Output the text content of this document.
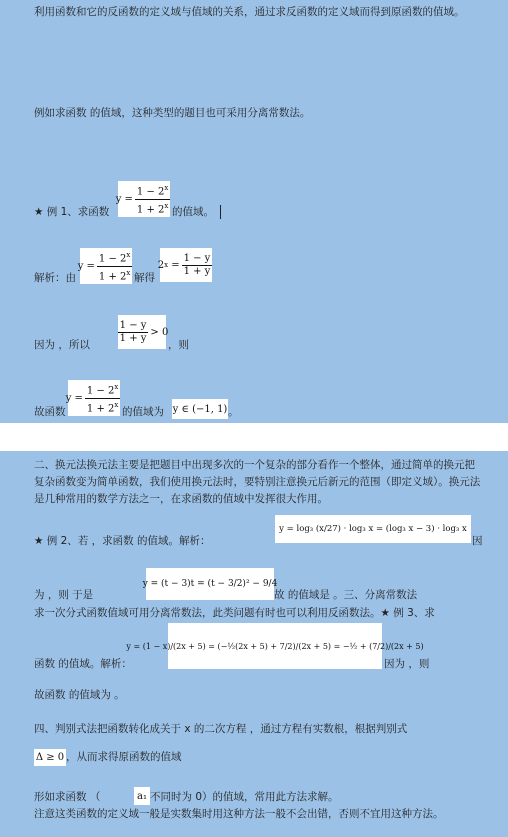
利用函数和它的反函数的定义域与值域的关系，通过求反函数的定义域而得到原函数的值域。
例如求函数 的值域，这种类型的题目也可采用分离常数法。
★ 例 1、求函数
$y = \frac{1 - 2^x}{1 + 2^x}$ 的值域。
解析：由
$y = \frac{1 - 2^x}{1 + 2^x}$ 解得
2 $x = \frac{1 - y}{1 + y}$
因为 ，所以
$\frac{1 - y}{1 + y} > 0$
，则
故函数
$y = \frac{1 - 2^x}{1 + 2^x}$ 的值域为 y ∈ (−1, 1) 。
二、换元法换元法主要是把题目中出现多次的一个复杂的部分看作一个整体，通过简单的换元把复杂函数变为简单函数，我们使用换元法时，要特别注意换元后新元的范围（即定义域）。换元法是几种常用的数学方法之一，在求函数的值域中发挥很大作用。
★ 例 2、若 ，求函数 的值域。解析：
y = log₃ (x/27) · log₃ x = (log₃ x − 3) · log₃ x
因
为 ，则 于是
y = (t − 3)t = (t − 3/2)² − 9/4
故 的值域是 。三、分离常数法
求一次分式函数值域可用分离常数法，此类问题有时也可以利用反函数法。★ 例 3、求
函数 的值域。解析：
y = (1 − x)/(2x + 5) = (−½(2x + 5) + 7/2)/(2x + 5) = −½ + (7/2)/(2x + 5)
因为 ，则
故函数 的值域为 。
四、判别式法把函数转化成关于 x 的二次方程 ，通过方程有实数根，根据判别式
Δ ≥ 0 ，从而求得原函数的值域
形如求函数 （	a₁ 不同时为 0）的值域，常用此方法求解。
注意这类函数的定义域一般是实数集时用这种方法一般不会出错，否则不宜用这种方法。
